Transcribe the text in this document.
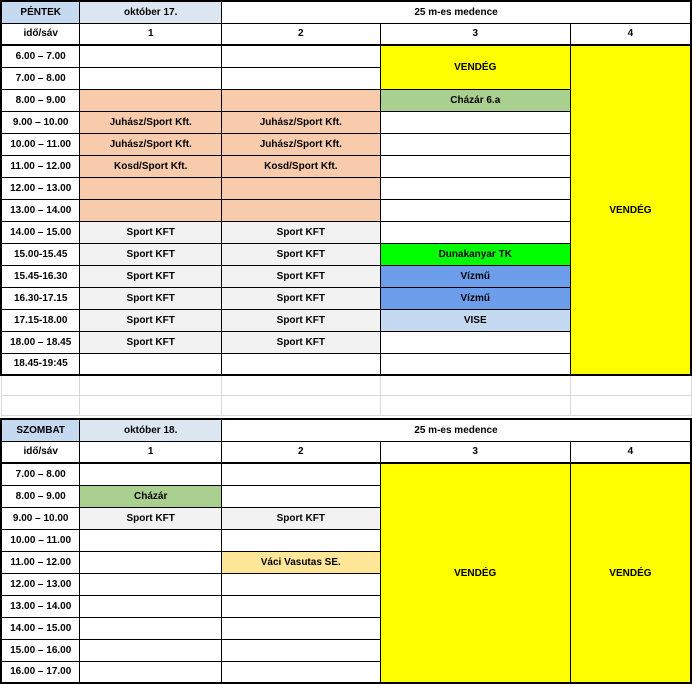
PÉNTEK	október 17.	25 m-es medence		
idő/sáv	1	2	3	4
6.00 – 7.00			VENDÉG	VENDÉG
7.00 – 8.00				
8.00 – 9.00			Cházár 6.a	
9.00 – 10.00	Juhász/Sport Kft.	Juhász/Sport Kft.		
10.00 – 11.00	Juhász/Sport Kft.	Juhász/Sport Kft.		
11.00 – 12.00	Kosd/Sport Kft.	Kosd/Sport Kft.		
12.00 – 13.00				
13.00 – 14.00				
14.00 – 15.00	Sport KFT	Sport KFT		
15.00-15.45	Sport KFT	Sport KFT	Dunakanyar TK	
15.45-16.30	Sport KFT	Sport KFT	Vízmű	
16.30-17.15	Sport KFT	Sport KFT	Vízmű	
17.15-18.00	Sport KFT	Sport KFT	VISE	
18.00 – 18.45	Sport KFT	Sport KFT		
18.45-19:45				

SZOMBAT	október 18.	25 m-es medence		
idő/sáv	1	2	3	4
7.00 – 8.00			VENDÉG	VENDÉG
8.00 – 9.00	Cházár			
9.00 – 10.00	Sport KFT	Sport KFT		
10.00 – 11.00				
11.00 – 12.00		Váci Vasutas SE.		
12.00 – 13.00				
13.00 – 14.00				
14.00 – 15.00				
15.00 – 16.00				
16.00 – 17.00				
